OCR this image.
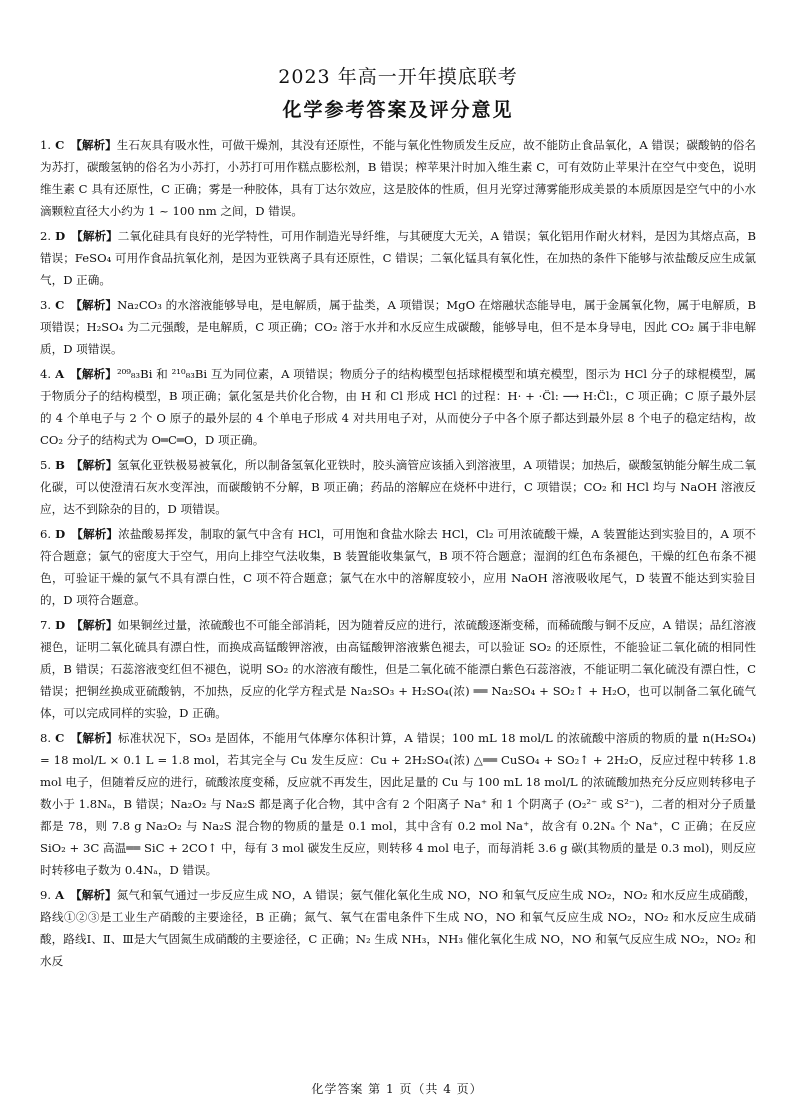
2023 年高一开年摸底联考
化学参考答案及评分意见

1. C 【解析】生石灰具有吸水性，可做干燥剂，其没有还原性，不能与氧化性物质发生反应，故不能防止食品氧化，A 错误；碳酸钠的俗名为苏打，碳酸氢钠的俗名为小苏打，小苏打可用作糕点膨松剂，B 错误；榨苹果汁时加入维生素 C，可有效防止苹果汁在空气中变色，说明维生素 C 具有还原性，C 正确；雾是一种胶体，具有丁达尔效应，这是胶体的性质，但月光穿过薄雾能形成美景的本质原因是空气中的小水滴颗粒直径大小约为 1 ~ 100 nm 之间，D 错误。

2. D 【解析】二氧化硅具有良好的光学特性，可用作制造光导纤维，与其硬度大无关，A 错误；氧化铝用作耐火材料，是因为其熔点高，B 错误；FeSO₄ 可用作食品抗氧化剂，是因为亚铁离子具有还原性，C 错误；二氧化锰具有氧化性，在加热的条件下能够与浓盐酸反应生成氯气，D 正确。

3. C 【解析】Na₂CO₃ 的水溶液能够导电，是电解质，属于盐类，A 项错误；MgO 在熔融状态能导电，属于金属氧化物，属于电解质，B 项错误；H₂SO₄ 为二元强酸，是电解质，C 项正确；CO₂ 溶于水并和水反应生成碳酸，能够导电，但不是本身导电，因此 CO₂ 属于非电解质，D 项错误。

4. A 【解析】²⁰⁹₈₃Bi 和 ²¹⁰₈₃Bi 互为同位素，A 项错误；物质分子的结构模型包括球棍模型和填充模型，图示为 HCl 分子的球棍模型，属于物质分子的结构模型，B 项正确；氯化氢是共价化合物，由 H 和 Cl 形成 HCl 的过程：H· + ·C̈l: ⟶ H:C̈l:，C 项正确；C 原子最外层的 4 个单电子与 2 个 O 原子的最外层的 4 个单电子形成 4 对共用电子对，从而使分子中各个原子都达到最外层 8 个电子的稳定结构，故 CO₂ 分子的结构式为 O═C═O，D 项正确。

5. B 【解析】氢氧化亚铁极易被氧化，所以制备氢氧化亚铁时，胶头滴管应该插入到溶液里，A 项错误；加热后，碳酸氢钠能分解生成二氧化碳，可以使澄清石灰水变浑浊，而碳酸钠不分解，B 项正确；药品的溶解应在烧杯中进行，C 项错误；CO₂ 和 HCl 均与 NaOH 溶液反应，达不到除杂的目的，D 项错误。

6. D 【解析】浓盐酸易挥发，制取的氯气中含有 HCl，可用饱和食盐水除去 HCl，Cl₂ 可用浓硫酸干燥，A 装置能达到实验目的，A 项不符合题意；氯气的密度大于空气，用向上排空气法收集，B 装置能收集氯气，B 项不符合题意；湿润的红色布条褪色，干燥的红色布条不褪色，可验证干燥的氯气不具有漂白性，C 项不符合题意；氯气在水中的溶解度较小，应用 NaOH 溶液吸收尾气，D 装置不能达到实验目的，D 项符合题意。

7. D 【解析】如果铜丝过量，浓硫酸也不可能全部消耗，因为随着反应的进行，浓硫酸逐渐变稀，而稀硫酸与铜不反应，A 错误；品红溶液褪色，证明二氧化硫具有漂白性，而换成高锰酸钾溶液，由高锰酸钾溶液紫色褪去，可以验证 SO₂ 的还原性，不能验证二氧化硫的相同性质，B 错误；石蕊溶液变红但不褪色，说明 SO₂ 的水溶液有酸性，但是二氧化硫不能漂白紫色石蕊溶液，不能证明二氧化硫没有漂白性，C 错误；把铜丝换成亚硫酸钠，不加热，反应的化学方程式是 Na₂SO₃ + H₂SO₄(浓) ══ Na₂SO₄ + SO₂↑ + H₂O，也可以制备二氧化硫气体，可以完成同样的实验，D 正确。

8. C 【解析】标准状况下，SO₃ 是固体，不能用气体摩尔体积计算，A 错误；100 mL 18 mol/L 的浓硫酸中溶质的物质的量 n(H₂SO₄) = 18 mol/L × 0.1 L = 1.8 mol，若其完全与 Cu 发生反应：Cu + 2H₂SO₄(浓) △══ CuSO₄ + SO₂↑ + 2H₂O，反应过程中转移 1.8 mol 电子，但随着反应的进行，硫酸浓度变稀，反应就不再发生，因此足量的 Cu 与 100 mL 18 mol/L 的浓硫酸加热充分反应则转移电子数小于 1.8Nₐ，B 错误；Na₂O₂ 与 Na₂S 都是离子化合物，其中含有 2 个阳离子 Na⁺ 和 1 个阴离子 (O₂²⁻ 或 S²⁻)，二者的相对分子质量都是 78，则 7.8 g Na₂O₂ 与 Na₂S 混合物的物质的量是 0.1 mol，其中含有 0.2 mol Na⁺，故含有 0.2Nₐ 个 Na⁺，C 正确；在反应 SiO₂ + 3C 高温══ SiC + 2CO↑ 中，每有 3 mol 碳发生反应，则转移 4 mol 电子，而每消耗 3.6 g 碳(其物质的量是 0.3 mol)，则反应时转移电子数为 0.4Nₐ，D 错误。

9. A 【解析】氮气和氧气通过一步反应生成 NO，A 错误；氨气催化氧化生成 NO，NO 和氧气反应生成 NO₂，NO₂ 和水反应生成硝酸，路线①②③是工业生产硝酸的主要途径，B 正确；氮气、氧气在雷电条件下生成 NO，NO 和氧气反应生成 NO₂，NO₂ 和水反应生成硝酸，路线Ⅰ、Ⅱ、Ⅲ是大气固氮生成硝酸的主要途径，C 正确；N₂ 生成 NH₃，NH₃ 催化氧化生成 NO，NO 和氧气反应生成 NO₂，NO₂ 和水反

化学答案 第 1 页（共 4 页）
